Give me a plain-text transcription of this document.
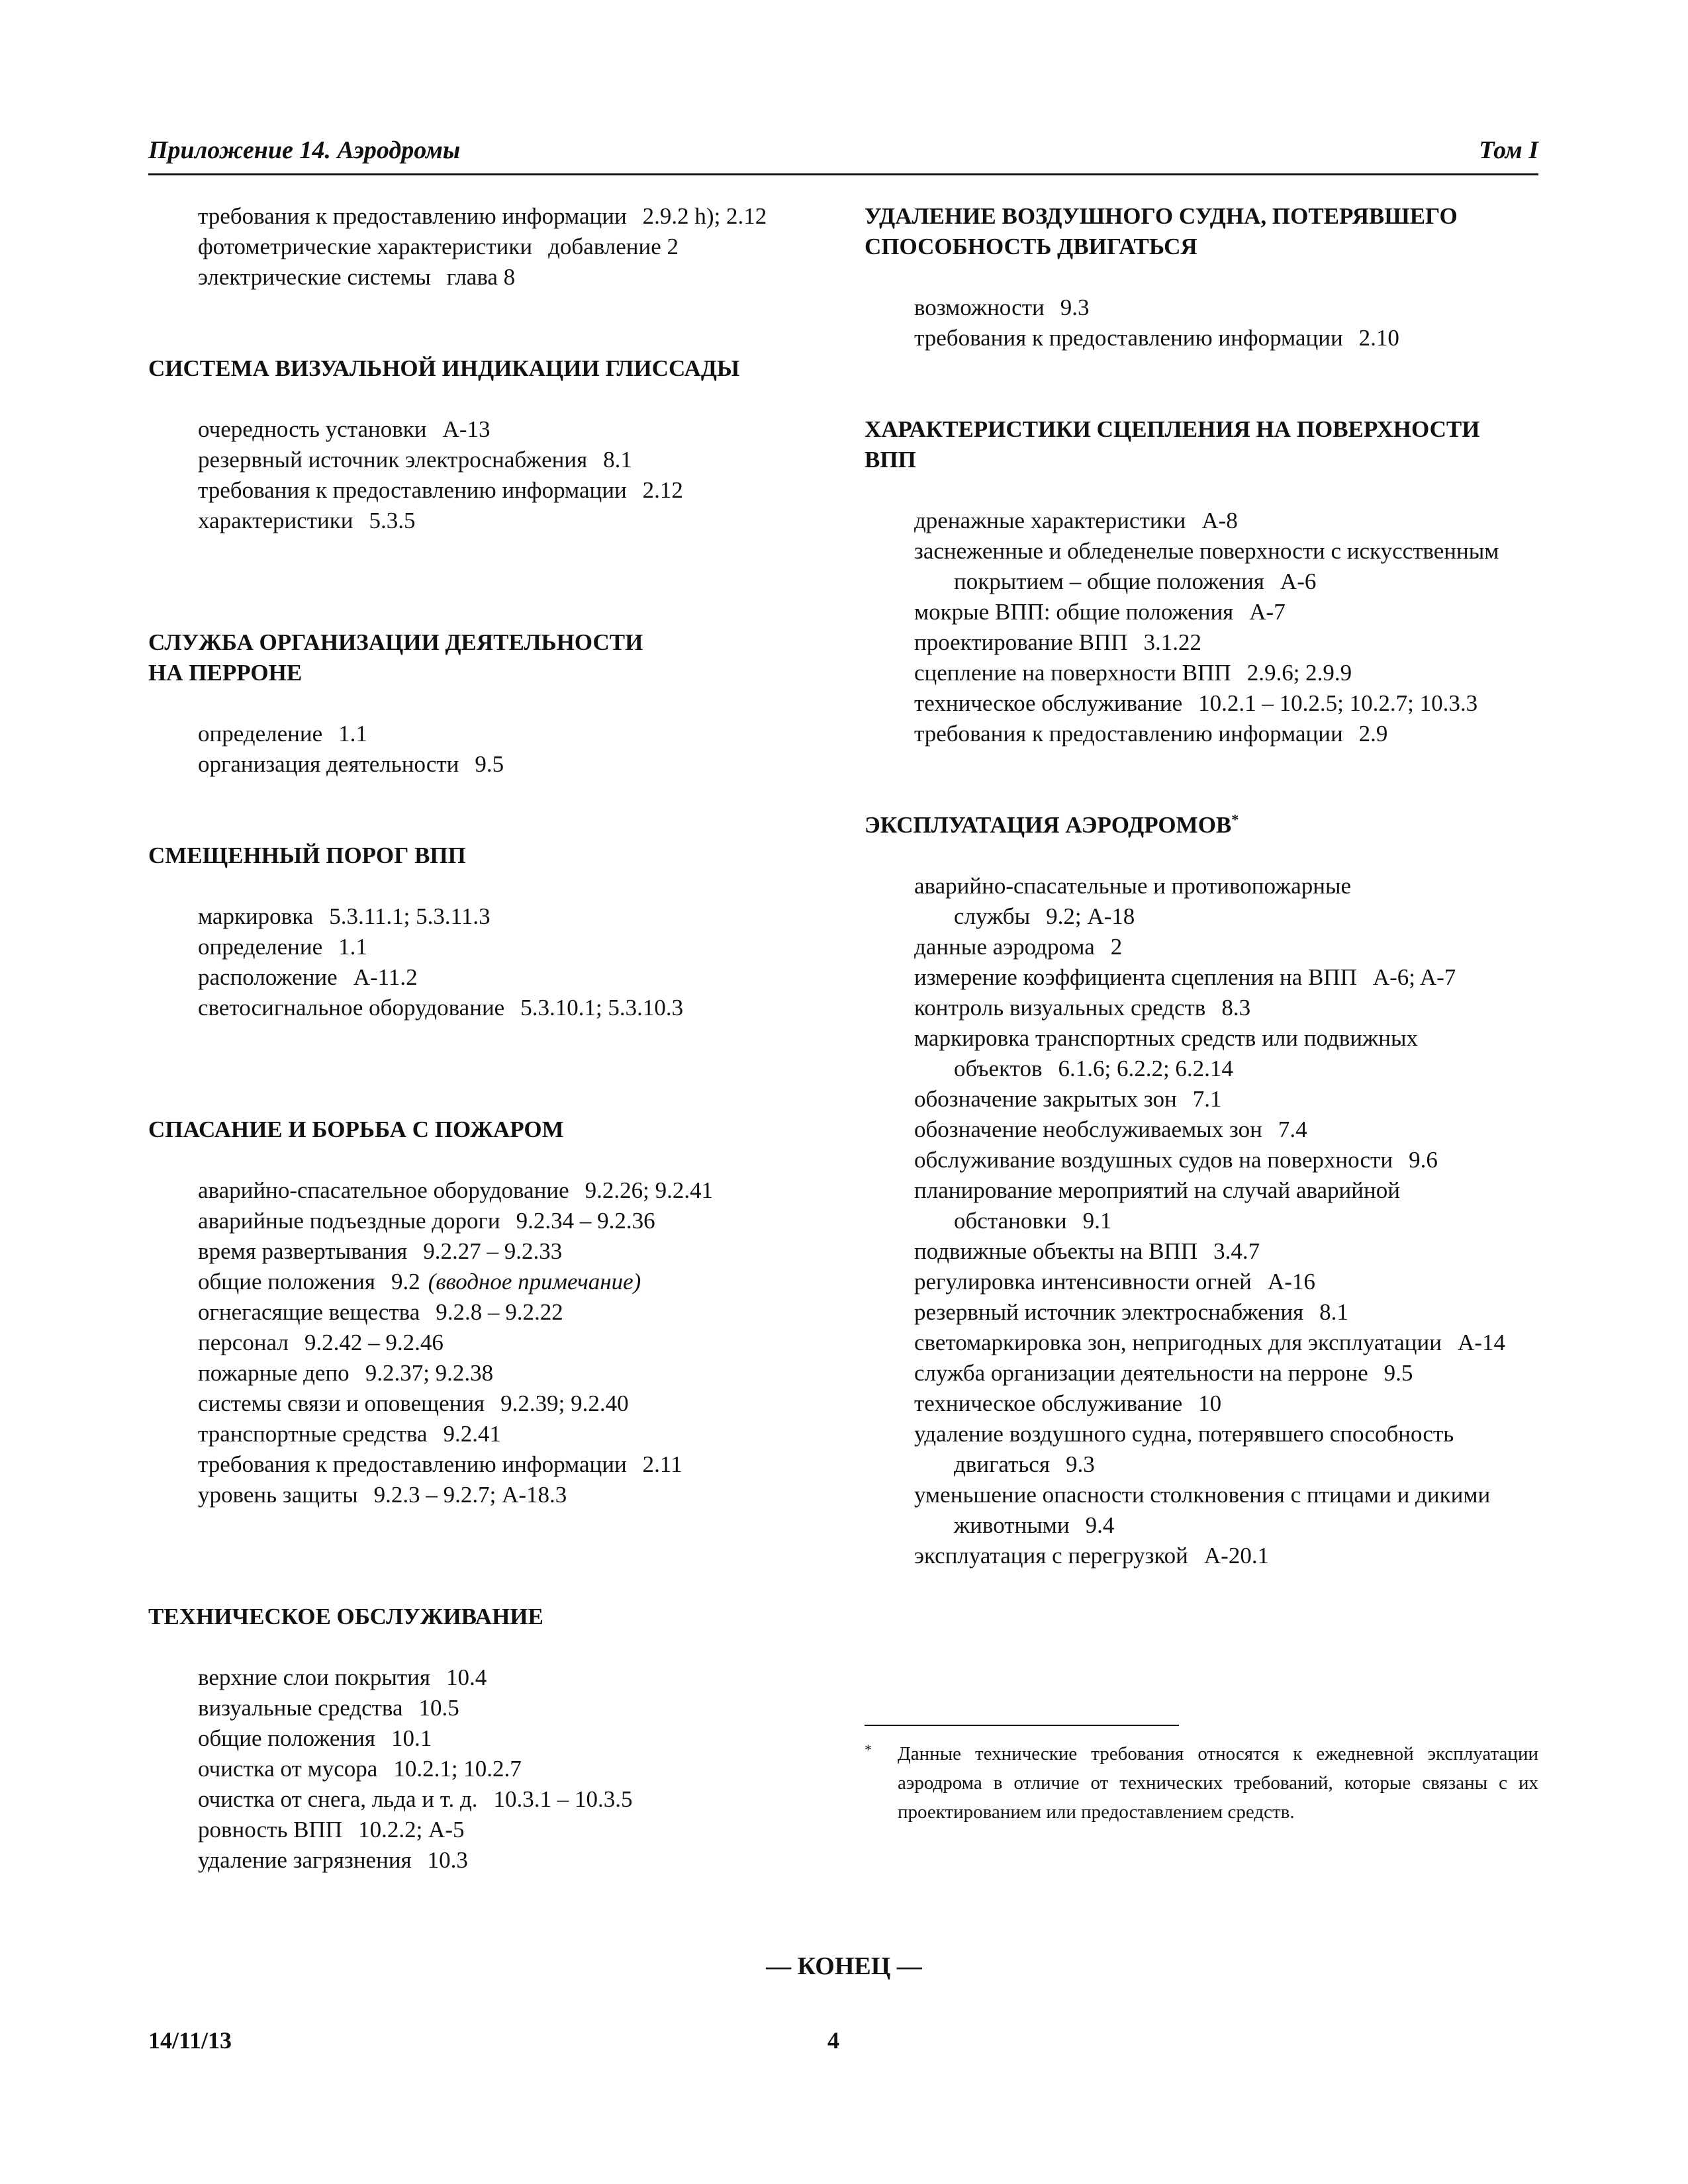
Приложение 14. Аэродромы	Том I
требования к предоставлению информации 2.9.2 h); 2.12
фотометрические характеристики добавление 2
электрические системы глава 8
СИСТЕМА ВИЗУАЛЬНОЙ ИНДИКАЦИИ ГЛИССАДЫ
очередность установки A-13
резервный источник электроснабжения 8.1
требования к предоставлению информации 2.12
характеристики 5.3.5
СЛУЖБА ОРГАНИЗАЦИИ ДЕЯТЕЛЬНОСТИ
НА ПЕРРОНЕ
определение 1.1
организация деятельности 9.5
СМЕЩЕННЫЙ ПОРОГ ВПП
маркировка 5.3.11.1; 5.3.11.3
определение 1.1
расположение A-11.2
светосигнальное оборудование 5.3.10.1; 5.3.10.3
СПАСАНИЕ И БОРЬБА С ПОЖАРОМ
аварийно-спасательное оборудование 9.2.26; 9.2.41
аварийные подъездные дороги 9.2.34 – 9.2.36
время развертывания 9.2.27 – 9.2.33
общие положения 9.2 (вводное примечание)
огнегасящие вещества 9.2.8 – 9.2.22
персонал 9.2.42 – 9.2.46
пожарные депо 9.2.37; 9.2.38
системы связи и оповещения 9.2.39; 9.2.40
транспортные средства 9.2.41
требования к предоставлению информации 2.11
уровень защиты 9.2.3 – 9.2.7; A-18.3
ТЕХНИЧЕСКОЕ ОБСЛУЖИВАНИЕ
верхние слои покрытия 10.4
визуальные средства 10.5
общие положения 10.1
очистка от мусора 10.2.1; 10.2.7
очистка от снега, льда и т. д. 10.3.1 – 10.3.5
ровность ВПП 10.2.2; A-5
удаление загрязнения 10.3
УДАЛЕНИЕ ВОЗДУШНОГО СУДНА, ПОТЕРЯВШЕГО
СПОСОБНОСТЬ ДВИГАТЬСЯ
возможности 9.3
требования к предоставлению информации 2.10
ХАРАКТЕРИСТИКИ СЦЕПЛЕНИЯ НА ПОВЕРХНОСТИ
ВПП
дренажные характеристики A-8
заснеженные и обледенелые поверхности с искусственным покрытием – общие положения A-6
мокрые ВПП: общие положения A-7
проектирование ВПП 3.1.22
сцепление на поверхности ВПП 2.9.6; 2.9.9
техническое обслуживание 10.2.1 – 10.2.5; 10.2.7; 10.3.3
требования к предоставлению информации 2.9
ЭКСПЛУАТАЦИЯ АЭРОДРОМОВ*
аварийно-спасательные и противопожарные службы 9.2; A-18
данные аэродрома 2
измерение коэффициента сцепления на ВПП A-6; A-7
контроль визуальных средств 8.3
маркировка транспортных средств или подвижных объектов 6.1.6; 6.2.2; 6.2.14
обозначение закрытых зон 7.1
обозначение необслуживаемых зон 7.4
обслуживание воздушных судов на поверхности 9.6
планирование мероприятий на случай аварийной обстановки 9.1
подвижные объекты на ВПП 3.4.7
регулировка интенсивности огней A-16
резервный источник электроснабжения 8.1
светомаркировка зон, непригодных для эксплуатации A-14
служба организации деятельности на перроне 9.5
техническое обслуживание 10
удаление воздушного судна, потерявшего способность двигаться 9.3
уменьшение опасности столкновения с птицами и дикими животными 9.4
эксплуатация с перегрузкой A-20.1
*	Данные технические требования относятся к ежедневной эксплуатации аэродрома в отличие от технических требований, которые связаны с их проектированием или предоставлением средств.
— КОНЕЦ —
14/11/13	4
